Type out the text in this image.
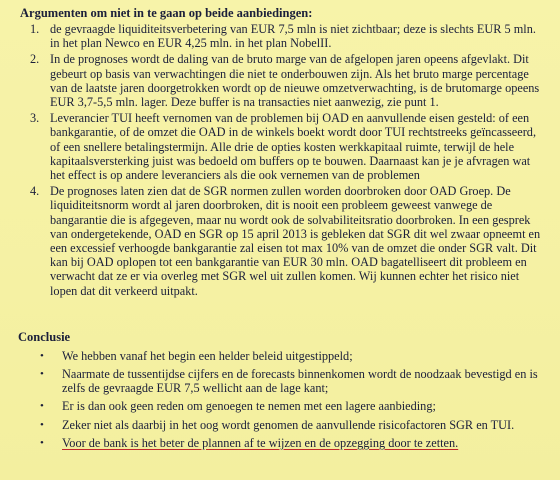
Argumenten om niet in te gaan op beide aanbiedingen:
1. de gevraagde liquiditeitsverbetering van EUR 7,5 mln is niet zichtbaar; deze is slechts EUR 5 mln. in het plan Newco en EUR 4,25 mln. in het plan NobelII.
2. In de prognoses wordt de daling van de bruto marge van de afgelopen jaren opeens afgevlakt. Dit gebeurt op basis van verwachtingen die niet te onderbouwen zijn. Als het bruto marge percentage van de laatste jaren doorgetrokken wordt op de nieuwe omzetverwachting, is de brutomarge opeens EUR 3,7-5,5 mln. lager. Deze buffer is na transacties niet aanwezig, zie punt 1.
3. Leverancier TUI heeft vernomen van de problemen bij OAD en aanvullende eisen gesteld: of een bankgarantie, of de omzet die OAD in de winkels boekt wordt door TUI rechtstreeks geïncasseerd, of een snellere betalingstermijn. Alle drie de opties kosten werkkapitaal ruimte, terwijl de hele kapitaalsversterking juist was bedoeld om buffers op te bouwen. Daarnaast kan je je afvragen wat het effect is op andere leveranciers als die ook vernemen van de problemen
4. De prognoses laten zien dat de SGR normen zullen worden doorbroken door OAD Groep. De liquiditeitsnorm wordt al jaren doorbroken, dit is nooit een probleem geweest vanwege de bangarantie die is afgegeven, maar nu wordt ook de solvabiliteitsratio doorbroken. In een gesprek van ondergetekende, OAD en SGR op 15 april 2013 is gebleken dat SGR dit wel zwaar opneemt en een excessief verhoogde bankgarantie zal eisen tot max 10% van de omzet die onder SGR valt. Dit kan bij OAD oplopen tot een bankgarantie van EUR 30 mln. OAD bagatelliseert dit probleem en verwacht dat ze er via overleg met SGR wel uit zullen komen. Wij kunnen echter het risico niet lopen dat dit verkeerd uitpakt.
Conclusie
• We hebben vanaf het begin een helder beleid uitgestippeld;
• Naarmate de tussentijdse cijfers en de forecasts binnenkomen wordt de noodzaak bevestigd en is zelfs de gevraagde EUR 7,5 wellicht aan de lage kant;
• Er is dan ook geen reden om genoegen te nemen met een lagere aanbieding;
• Zeker niet als daarbij in het oog wordt genomen de aanvullende risicofactoren SGR en TUI.
• Voor de bank is het beter de plannen af te wijzen en de opzegging door te zetten.
